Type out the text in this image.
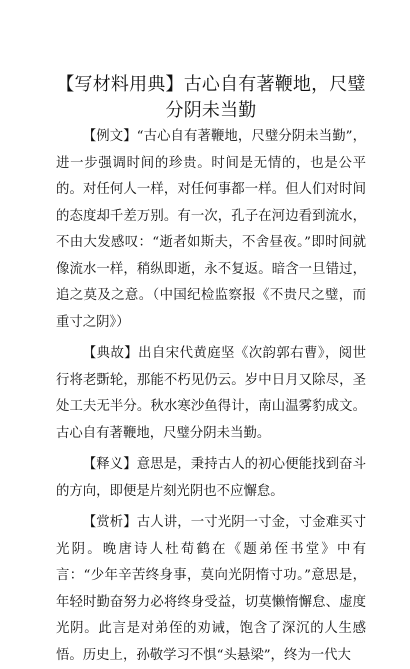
【写材料用典】古心自有著鞭地，尺璧分阴未当勤

【例文】“古心自有著鞭地，尺璧分阴未当勤”，进一步强调时间的珍贵。时间是无情的，也是公平的。对任何人一样，对任何事都一样。但人们对时间的态度却千差万别。有一次，孔子在河边看到流水，不由大发感叹：“逝者如斯夫，不舍昼夜。”即时间就像流水一样，稍纵即逝，永不复返。暗含一旦错过，追之莫及之意。（中国纪检监察报《不贵尺之璧，而重寸之阴》）

【典故】出自宋代黄庭坚《次韵郭右曹》，阅世行将老斲轮，那能不朽见仍云。岁中日月又除尽，圣处工夫无半分。秋水寒沙鱼得计，南山温雾豹成文。古心自有著鞭地，尺璧分阴未当勤。

【释义】意思是，秉持古人的初心便能找到奋斗的方向，即便是片刻光阴也不应懈怠。

【赏析】古人讲，一寸光阴一寸金，寸金难买寸光阴。晚唐诗人杜荀鹤在《题弟侄书堂》中有言：“少年辛苦终身事，莫向光阴惰寸功。”意思是，年轻时勤奋努力必将终身受益，切莫懒惰懈怠、虚度光阴。此言是对弟侄的劝诫，饱含了深沉的人生感悟。历史上，孙敬学习不惧“头悬梁”，终为一代大
